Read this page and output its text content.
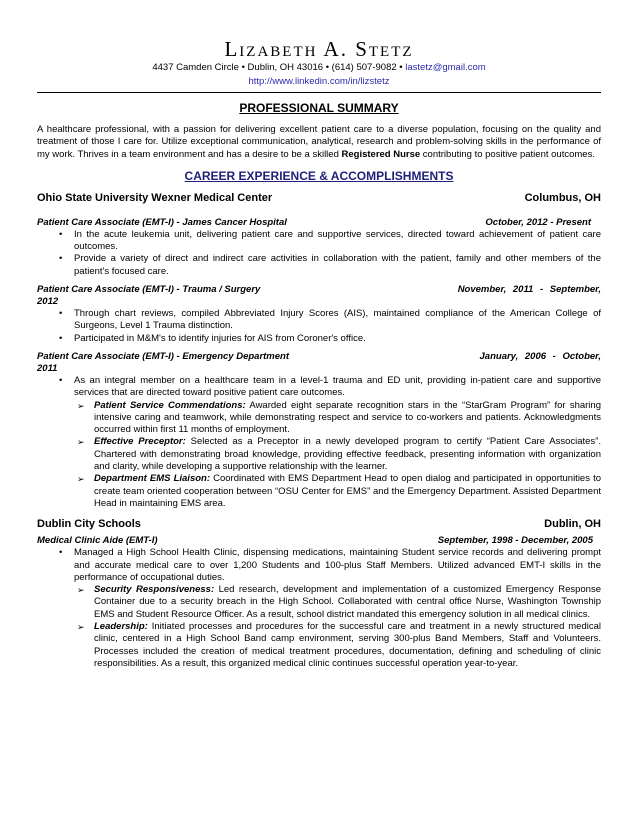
Lizabeth A. Stetz
4437 Camden Circle • Dublin, OH 43016 • (614) 507-9082 • lastetz@gmail.com
http://www.linkedin.com/in/lizstetz
PROFESSIONAL SUMMARY
A healthcare professional, with a passion for delivering excellent patient care to a diverse population, focusing on the quality and treatment of those I care for. Utilize exceptional communication, analytical, research and problem-solving skills in the performance of my work. Thrives in a team environment and has a desire to be a skilled Registered Nurse contributing to positive patient outcomes.
CAREER EXPERIENCE & ACCOMPLISHMENTS
Ohio State University Wexner Medical Center	Columbus, OH
Patient Care Associate (EMT-I) - James Cancer Hospital	October, 2012 - Present
• In the acute leukemia unit, delivering patient care and supportive services, directed toward achievement of patient care outcomes.
• Provide a variety of direct and indirect care activities in collaboration with the patient, family and other members of the patient's focused care.
Patient Care Associate (EMT-I) - Trauma / Surgery	November, 2011 - September,
2012
• Through chart reviews, compiled Abbreviated Injury Scores (AIS), maintained compliance of the American College of Surgeons, Level 1 Trauma distinction.
• Participated in M&M's to identify injuries for AIS from Coroner's office.
Patient Care Associate (EMT-I) - Emergency Department	January, 2006 - October,
2011
• As an integral member on a healthcare team in a level-1 trauma and ED unit, providing in-patient care and supportive services that are directed toward positive patient care outcomes.
➢ Patient Service Commendations: Awarded eight separate recognition stars in the “StarGram Program” for sharing intensive caring and teamwork, while demonstrating respect and service to co-workers and patients. Acknowledgments occurred within first 11 months of employment.
➢ Effective Preceptor: Selected as a Preceptor in a newly developed program to certify “Patient Care Associates”. Chartered with demonstrating broad knowledge, providing effective feedback, presenting information with organization and clarity, while developing a supportive relationship with the learner.
➢ Department EMS Liaison: Coordinated with EMS Department Head to open dialog and participated in opportunities to create team oriented cooperation between “OSU Center for EMS” and the Emergency Department. Assisted Department Head in maintaining EMS area.
Dublin City Schools	Dublin, OH
Medical Clinic Aide (EMT-I)	September, 1998 - December, 2005
• Managed a High School Health Clinic, dispensing medications, maintaining Student service records and delivering prompt and accurate medical care to over 1,200 Students and 100-plus Staff Members. Utilized advanced EMT-I skills in the performance of occupational duties.
➢ Security Responsiveness: Led research, development and implementation of a customized Emergency Response Container due to a security breach in the High School. Collaborated with central office Nurse, Washington Township EMS and Student Resource Officer. As a result, school district mandated this emergency solution in all medical clinics.
➢ Leadership: Initiated processes and procedures for the successful care and treatment in a newly structured medical clinic, centered in a High School Band camp environment, serving 300-plus Band Members, Staff and Volunteers. Processes included the creation of medical treatment procedures, documentation, defining and scheduling of clinic responsibilities. As a result, this organized medical clinic continues successful operation year-to-year.
